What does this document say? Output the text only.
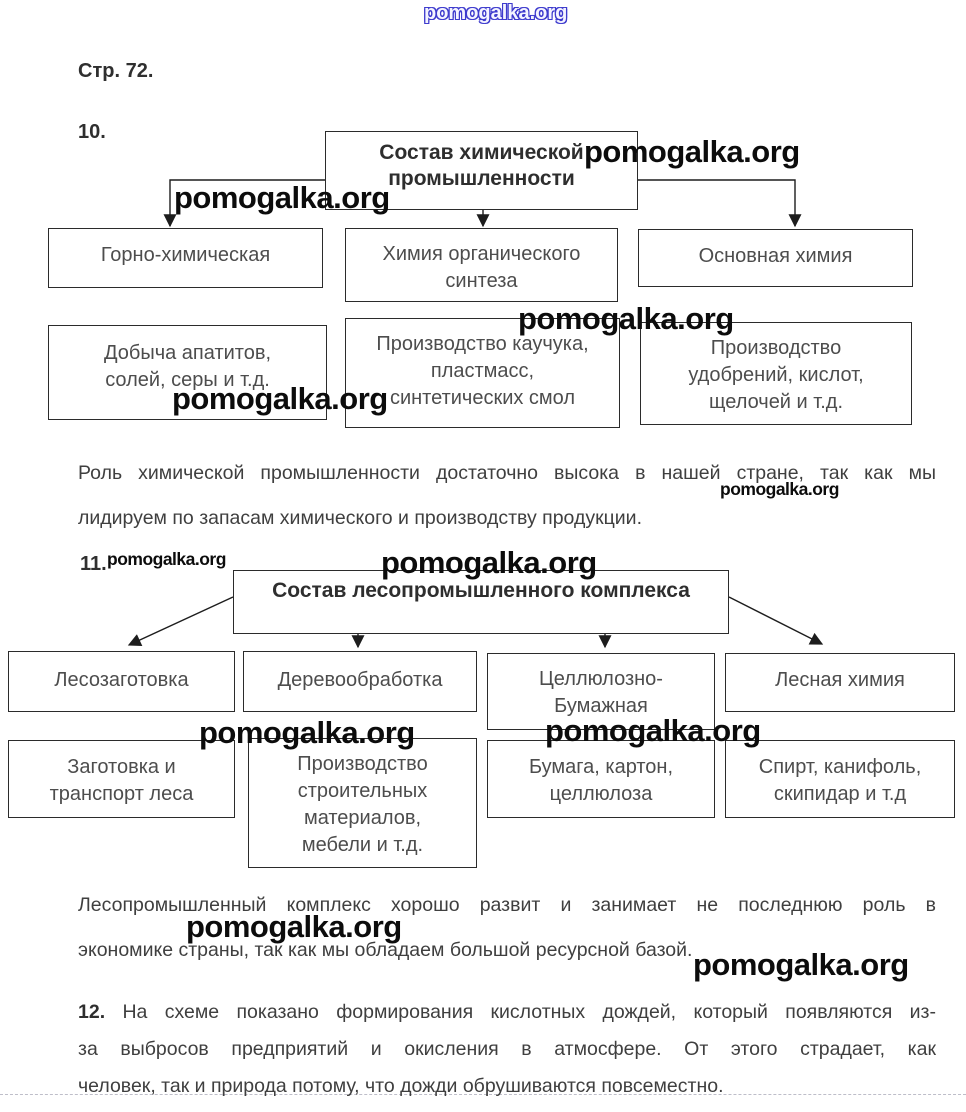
Стр. 72.
10.
11.
Состав химической промышленности
Горно-химическая	Химия органического синтеза
Основная химия
Добыча апатитов, солей, серы и т.д.
Производство каучука, пластмасс, синтетических смол
Производство удобрений, кислот, щелочей и т.д.
Роль химической промышленности достаточно высока в нашей стране, так как мы
лидируем по запасам химического и производству продукции.
Состав лесопромышленного комплекса
Лесозаготовка	Деревообработка	Целлюлозно-Бумажная
Лесная химия
Заготовка и транспорт леса
Производство строительных материалов, мебели и т.д.
Бумага, картон, целлюлоза
Спирт, канифоль, скипидар и т.д
Лесопромышленный комплекс хорошо развит и занимает не последнюю роль в
экономике страны, так как мы обладаем большой ресурсной базой.
12. На схеме показано формирования кислотных дождей, который появляются из-
за выбросов предприятий и окисления в атмосфере. От этого страдает, как
человек, так и природа потому, что дожди обрушиваются повсеместно.
pomogalka.org
pomogalka.org
pomogalka.org
pomogalka.org
pomogalka.org
pomogalka.org
pomogalka.org	pomogalka.org
pomogalka.org	pomogalka.org
pomogalka.org
pomogalka.org
